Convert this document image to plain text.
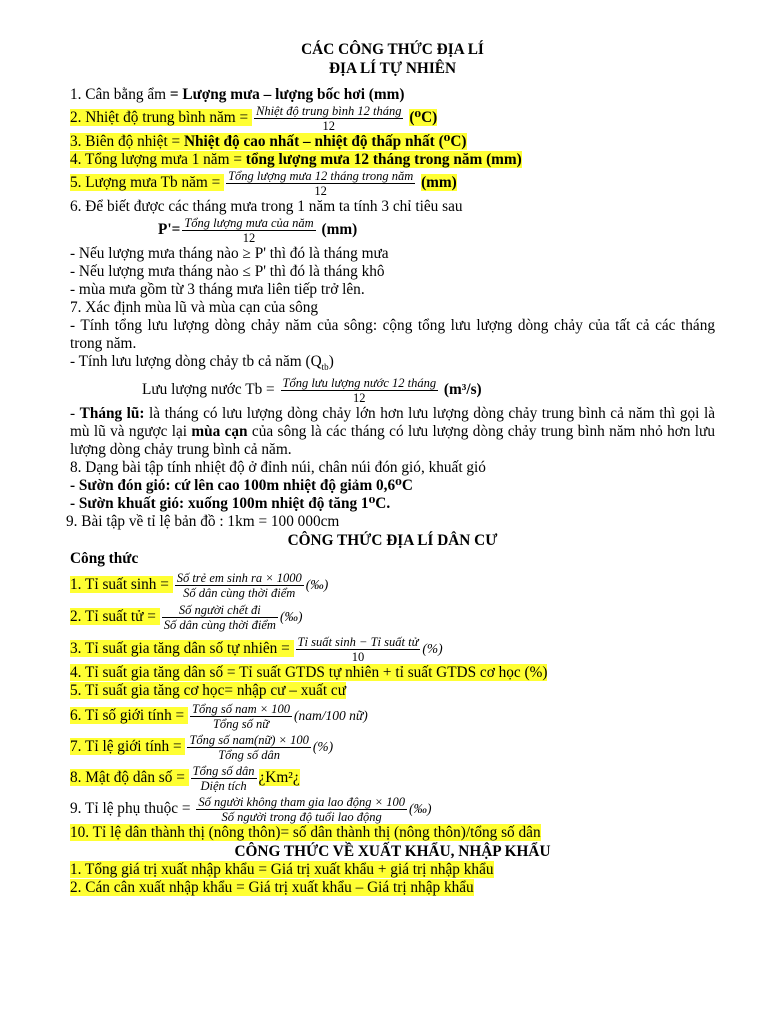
CÁC CÔNG THỨC ĐỊA LÍ
ĐỊA LÍ TỰ NHIÊN
1. Cân bằng ẩm = Lượng mưa – lượng bốc hơi (mm)
2. Nhiệt độ trung bình năm = Nhiệt độ trung bình 12 tháng
12	(⁰C)
3. Biên độ nhiệt = Nhiệt độ cao nhất – nhiệt độ thấp nhất (⁰C)
4. Tổng lượng mưa 1 năm = tổng lượng mưa 12 tháng trong năm (mm)
5. Lượng mưa Tb năm = Tổng lượng mưa 12 tháng trong năm
12	(mm)
6. Để biết được các tháng mưa trong 1 năm ta tính 3 chỉ tiêu sau
P'= Tổng lượng mưa của năm
12	(mm)
- Nếu lượng mưa tháng nào ≥ P' thì đó là tháng mưa
- Nếu lượng mưa tháng nào ≤ P' thì đó là tháng khô
- mùa mưa gồm từ 3 tháng mưa liên tiếp trở lên.
7. Xác định mùa lũ và mùa cạn của sông
- Tính tổng lưu lượng dòng chảy năm của sông: cộng tổng lưu lượng dòng chảy của tất cả các tháng trong năm.
- Tính lưu lượng dòng chảy tb cả năm $(Q_{tb})$
Lưu lượng nước Tb = Tổng lưu lượng nước 12 tháng
12	(m³/s)
- Tháng lũ: là tháng có lưu lượng dòng chảy lớn hơn lưu lượng dòng chảy trung bình cả năm thì gọi là mù lũ và ngược lại mùa cạn của sông là các tháng có lưu lượng dòng chảy trung bình năm nhỏ hơn lưu lượng dòng chảy trung bình cả năm.
8. Dạng bài tập tính nhiệt độ ở đỉnh núi, chân núi đón gió, khuất gió
- Sườn đón gió: cứ lên cao 100m nhiệt độ giảm 0,6⁰C
- Sườn khuất gió: xuống 100m nhiệt độ tăng 1⁰C.
9. Bài tập về tỉ lệ bản đồ : 1km = 100 000cm
CÔNG THỨC ĐỊA LÍ DÂN CƯ
Công thức
1. Tỉ suất sinh = Số trẻ em sinh ra × 1000
Số dân cùng thời điểm
(‰)
2. Tỉ suất tử =	Số người chết đi
Số dân cùng thời điểm
(‰)
3. Tỉ suất gia tăng dân số tự nhiên = Tỉ suất sinh − Tỉ suất tử
10
(%)
4. Tỉ suất gia tăng dân số = Tỉ suất GTDS tự nhiên + tỉ suất GTDS cơ học (%)
5. Tỉ suất gia tăng cơ học= nhập cư – xuất cư
6. Tỉ số giới tính = Tổng số nam × 100
Tổng số nữ
(nam/100 nữ)
7. Tỉ lệ giới tính = Tổng số nam(nữ) × 100
Tổng số dân
(%)
8. Mật độ dân số = Tổng số dân
Diện tích ¿Km²¿
9. Tỉ lệ phụ thuộc = Số người không tham gia lao động × 100
Số người trong độ tuổi lao động
(‰)
10. Tỉ lệ dân thành thị (nông thôn)= số dân thành thị (nông thôn)/tổng số dân
CÔNG THỨC VỀ XUẤT KHẨU, NHẬP KHẨU
1. Tổng giá trị xuất nhập khẩu = Giá trị xuất khẩu + giá trị nhập khẩu
2. Cán cân xuất nhập khẩu = Giá trị xuất khẩu – Giá trị nhập khẩu
